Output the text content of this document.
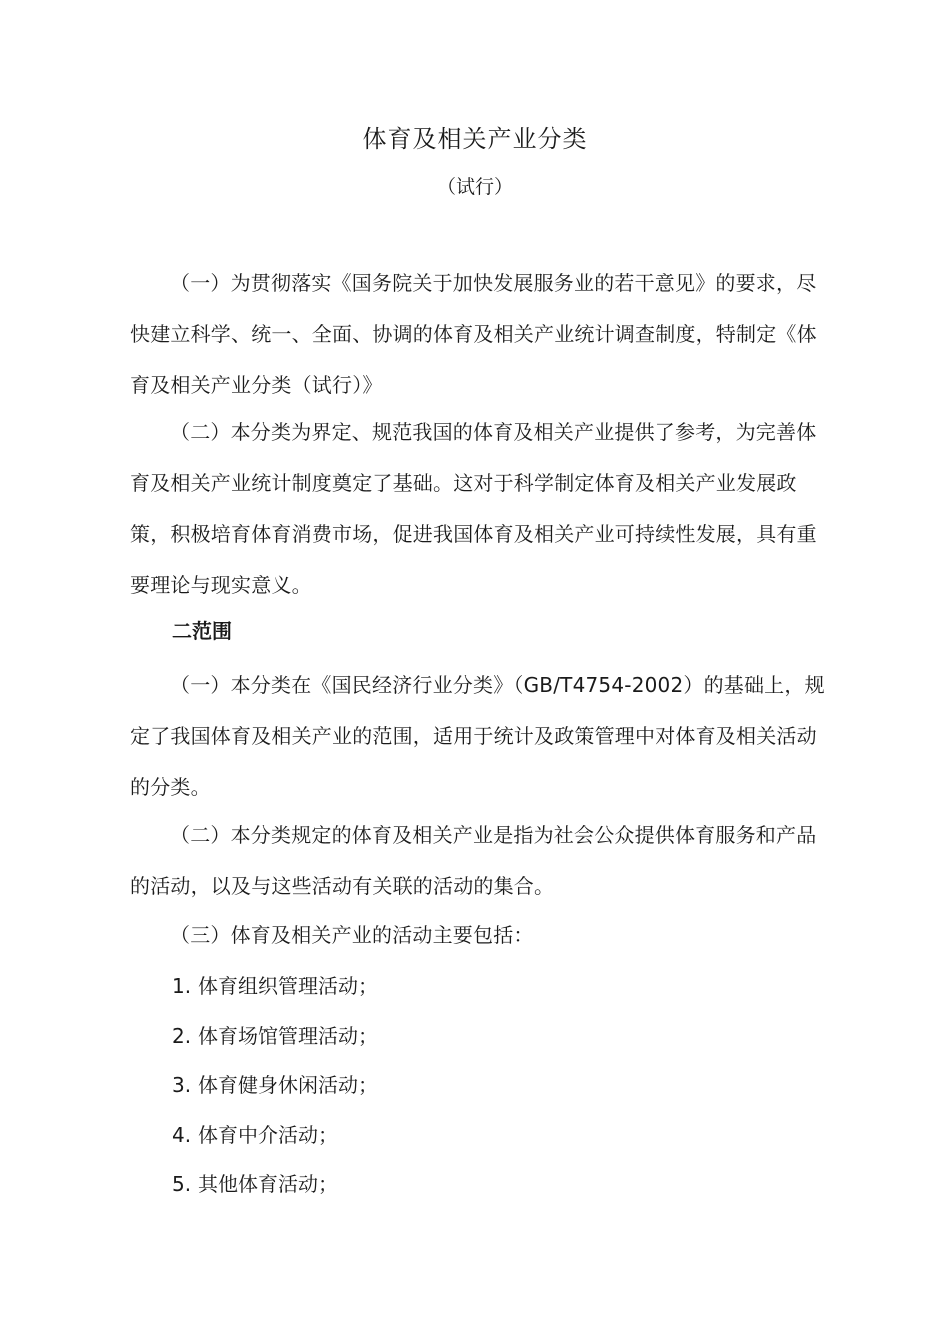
体育及相关产业分类
（试行）

（一）为贯彻落实《国务院关于加快发展服务业的若干意见》的要求，尽快建立科学、统一、全面、协调的体育及相关产业统计调查制度，特制定《体育及相关产业分类（试行）》

（二）本分类为界定、规范我国的体育及相关产业提供了参考，为完善体育及相关产业统计制度奠定了基础。这对于科学制定体育及相关产业发展政策，积极培育体育消费市场，促进我国体育及相关产业可持续性发展，具有重要理论与现实意义。

二范围

（一）本分类在《国民经济行业分类》（GB/T4754-2002）的基础上，规定了我国体育及相关产业的范围，适用于统计及政策管理中对体育及相关活动的分类。

（二）本分类规定的体育及相关产业是指为社会公众提供体育服务和产品的活动，以及与这些活动有关联的活动的集合。

（三）体育及相关产业的活动主要包括：

1. 体育组织管理活动；
2. 体育场馆管理活动；
3. 体育健身休闲活动；
4. 体育中介活动；
5. 其他体育活动；
